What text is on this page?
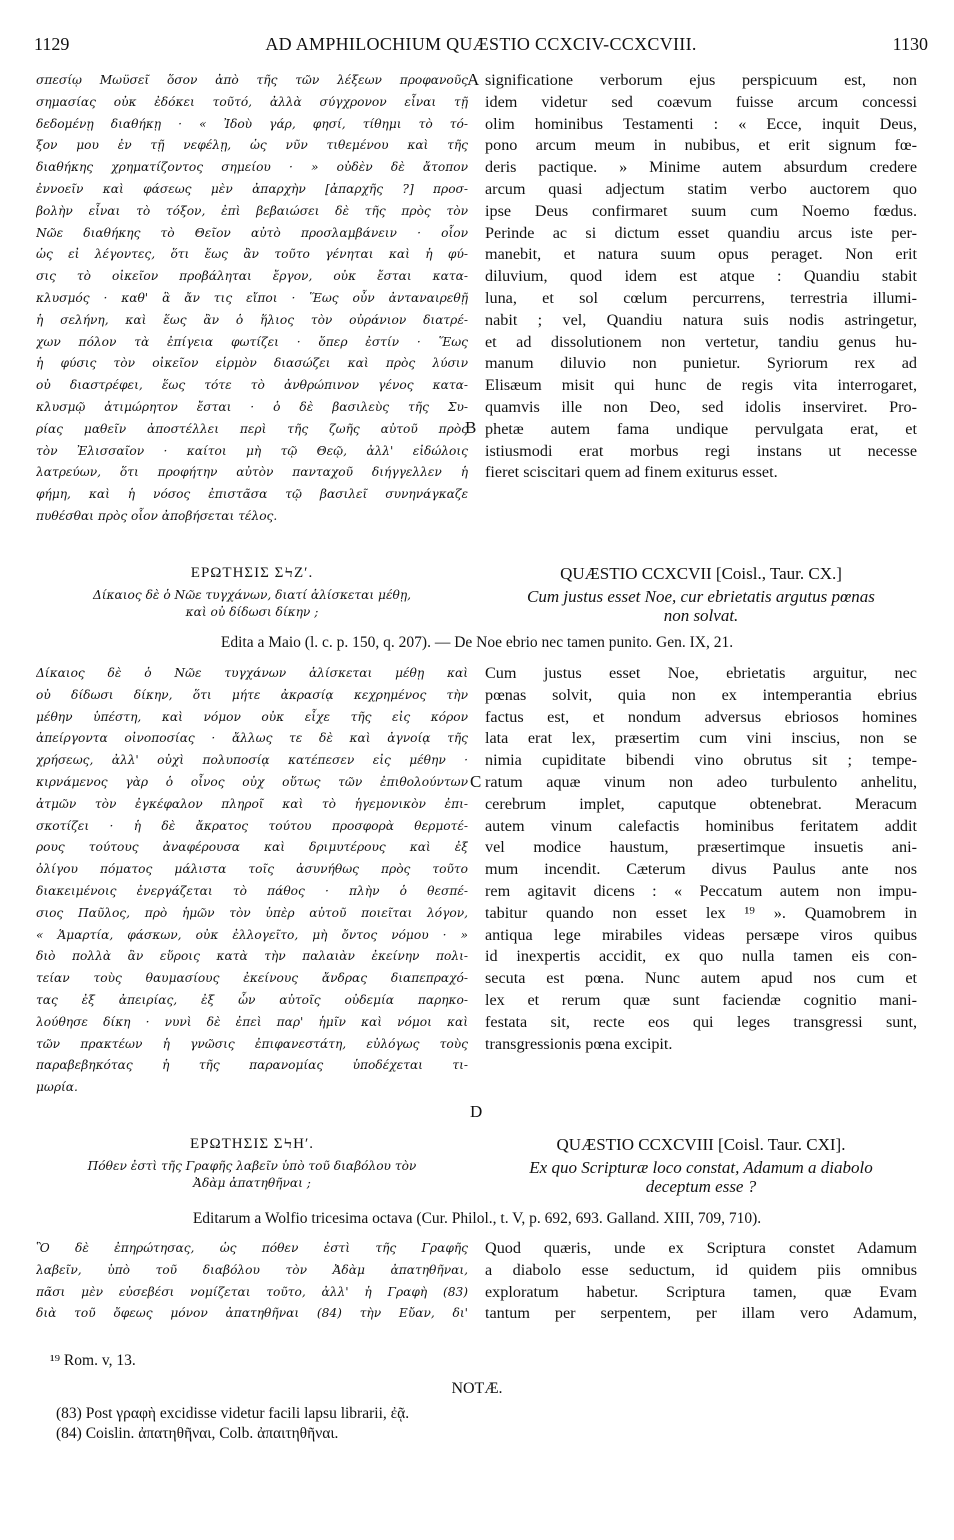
1129	AD AMPHILOCHIUM QUÆSTIO CCXCIV-CCXCVIII.	1130
σπεσίῳ Μωϋσεῖ ὅσον ἀπὸ τῆς τῶν λέξεων προφανοῦς
σημασίας οὐκ ἐδόκει τοῦτό, ἀλλὰ σύγχρονον εἶναι τῇ
δεδομένῃ διαθήκῃ · « Ἰδοὺ γάρ, φησί, τίθημι τὸ τό-
ξον μου ἐν τῇ νεφέλῃ, ὡς νῦν τιθεμένου καὶ τῆς
διαθήκης χρηματίζοντος σημείου · » οὐδὲν δὲ ἄτοπον
ἐννοεῖν καὶ φάσεως μὲν ἀπαρχὴν [ἀπαρχῆς ?] προσ-
βολὴν εἶναι τὸ τόξον, ἐπὶ βεβαιώσει δὲ τῆς πρὸς τὸν
Νῶε διαθήκης τὸ Θεῖον αὐτὸ προσλαμβάνειν · οἷον
ὡς εἰ λέγοντες, ὅτι ἕως ἂν τοῦτο γένηται καὶ ἡ φύ-
σις τὸ οἰκεῖον προβάληται ἔργον, οὐκ ἔσται κατα-
κλυσμός · καθ' ἃ ἄν τις εἴποι · Ἕως οὖν ἀνταναιρεθῇ
ἡ σελήνη, καὶ ἕως ἂν ὁ ἥλιος τὸν οὐράνιον διατρέ-
χων πόλον τὰ ἐπίγεια φωτίζει · ὅπερ ἐστίν · Ἕως
ἡ φύσις τὸν οἰκεῖον εἱρμὸν διασώζει καὶ πρὸς λύσιν
οὐ διαστρέφει, ἕως τότε τὸ ἀνθρώπινον γένος κατα-
κλυσμῷ ἀτιμώρητον ἔσται · ὁ δὲ βασιλεὺς τῆς Συ-
ρίας μαθεῖν ἀποστέλλει περὶ τῆς ζωῆς αὐτοῦ πρὸς
τὸν Ἐλισσαῖον · καίτοι μὴ τῷ Θεῷ, ἀλλ' εἰδώλοις
λατρεύων, ὅτι προφήτην αὐτὸν πανταχοῦ διήγγελλεν ἡ
φήμη, καὶ ἡ νόσος ἐπιστᾶσα τῷ βασιλεῖ συνηνάγκαζε
πυθέσθαι πρὸς οἷον ἀποβήσεται τέλος.
significatione verborum ejus perspicuum est, non
idem videtur sed coævum fuisse arcum concessi
olim hominibus Testamenti : « Ecce, inquit Deus,
pono arcum meum in nubibus, et erit signum fœ-
deris pactique. » Minime autem absurdum credere
arcum quasi adjectum statim verbo auctorem quo
ipse Deus confirmaret suum cum Noemo fœdus.
Perinde ac si dictum esset quandiu arcus iste per-
manebit, et natura suum opus peraget. Non erit
diluvium, quod idem est atque : Quandiu stabit
luna, et sol cœlum percurrens, terrestria illumi-
nabit ; vel, Quandiu natura suis nodis astringetur,
et ad dissolutionem non vertetur, tandiu genus hu-
manum diluvio non punietur. Syriorum rex ad
Elisæum misit qui hunc de regis vita interrogaret,
quamvis ille non Deo, sed idolis inserviret. Pro-
phetæ autem fama undique pervulgata erat, et
istiusmodi erat morbus regi instans ut necesse
fieret sciscitari quem ad finem exiturus esset.
ΕΡΩΤΗΣΙΣ ΣϞΖʹ.
Δίκαιος δὲ ὁ Νῶε τυγχάνων, διατί ἁλίσκεται μέθῃ,
καὶ οὐ δίδωσι δίκην ;
QUÆSTIO CCXCVII [Coisl., Taur. CX.]
Cum justus esset Noe, cur ebrietatis argutus pœnas
non solvat.
Edita a Maio (l. c. p. 150, q. 207). — De Noe ebrio nec tamen punito. Gen. IX, 21.
Δίκαιος δὲ ὁ Νῶε τυγχάνων ἁλίσκεται μέθῃ καὶ
οὐ δίδωσι δίκην, ὅτι μήτε ἀκρασίᾳ κεχρημένος τὴν
μέθην ὑπέστη, καὶ νόμον οὐκ εἶχε τῆς εἰς κόρον
ἀπείργοντα οἰνοποσίας · ἄλλως τε δὲ καὶ ἀγνοίᾳ τῆς
χρήσεως, ἀλλ' οὐχὶ πολυποσίᾳ κατέπεσεν εἰς μέθην ·
κιρνάμενος γὰρ ὁ οἶνος οὐχ οὕτως τῶν ἐπιθολούντων
ἀτμῶν τὸν ἐγκέφαλον πληροῖ καὶ τὸ ἡγεμονικὸν ἐπι-
σκοτίζει · ἡ δὲ ἄκρατος τούτου προσφορὰ θερμοτέ-
ρους τούτους ἀναφέρουσα καὶ δριμυτέρους καὶ ἐξ
ὀλίγου πόματος μάλιστα τοῖς ἀσυνήθως πρὸς τοῦτο
διακειμένοις ἐνεργάζεται τὸ πάθος · πλὴν ὁ θεσπέ-
σιος Παῦλος, πρὸ ἡμῶν τὸν ὑπὲρ αὐτοῦ ποιεῖται λόγον,
« Ἁμαρτία, φάσκων, οὐκ ἐλλογεῖτο, μὴ ὄντος νόμου · »
διὸ πολλὰ ἂν εὕροις κατὰ τὴν παλαιὰν ἐκείνην πολι-
τείαν τοὺς θαυμασίους ἐκείνους ἄνδρας διαπεπραχό-
τας ἐξ ἀπειρίας, ἐξ ὧν αὐτοῖς οὐδεμία παρηκο-
λούθησε δίκη · νυνὶ δὲ ἐπεὶ παρ' ἡμῖν καὶ νόμοι καὶ
τῶν πρακτέων ἡ γνῶσις ἐπιφανεστάτη, εὐλόγως τοὺς
παραβεβηκότας ἡ τῆς παρανομίας ὑποδέχεται τι-
μωρία.
Cum justus esset Noe, ebrietatis arguitur, nec
pœnas solvit, quia non ex intemperantia ebrius
factus est, et nondum adversus ebriosos homines
lata erat lex, præsertim cum vini inscius, non se
nimia cupiditate bibendi vino obrutus sit ; tempe-
ratum aquæ vinum non adeo turbulento anhelitu,
cerebrum implet, caputque obtenebrat. Meracum
autem vinum calefactis hominibus feritatem addit
vel modice haustum, præsertimque insuetis ani-
mum incendit. Cæterum divus Paulus ante nos
rem agitavit dicens : « Peccatum autem non impu-
tabitur quando non esset lex ¹⁹ ». Quamobrem in
antiqua lege mirabiles videas persæpe viros quibus
id inexpertis accidit, ex quo nulla tamen eis con-
secuta est pœna. Nunc autem apud nos cum et
lex et rerum quæ sunt faciendæ cognitio mani-
festata sit, recte eos qui leges transgressi sunt,
transgressionis pœna excipit.
ΕΡΩΤΗΣΙΣ ΣϞΗʹ.
Πόθεν ἐστὶ τῆς Γραφῆς λαβεῖν ὑπὸ τοῦ διαβόλου τὸν
Ἀδὰμ ἀπατηθῆναι ;
QUÆSTIO CCXCVIII [Coisl. Taur. CXI].
Ex quo Scripturæ loco constat, Adamum a diabolo
deceptum esse ?
Editarum a Wolfio tricesima octava (Cur. Philol., t. V, p. 692, 693. Galland. XIII, 709, 710).
Ὃ δὲ ἐπηρώτησας, ὡς πόθεν ἐστὶ τῆς Γραφῆς
λαβεῖν, ὑπὸ τοῦ διαβόλου τὸν Ἀδὰμ ἀπατηθῆναι,
πᾶσι μὲν εὐσεβέσι νομίζεται τοῦτο, ἀλλ' ἡ Γραφὴ (83)
διὰ τοῦ ὄφεως μόνον ἀπατηθῆναι (84) τὴν Εὔαν, δι'
Quod quæris, unde ex Scriptura constet Adamum
a diabolo esse seductum, id quidem piis omnibus
exploratum habetur. Scriptura tamen, quæ Evam
tantum per serpentem, per illam vero Adamum,
A
B
C
D
¹⁹ Rom. v, 13.
NOTÆ.
(83) Post γραφὴ excidisse videtur facili lapsu librarii, ἐᾷ.
(84) Coislin. ἀπατηθῆναι, Colb. ἀπαιτηθῆναι.
